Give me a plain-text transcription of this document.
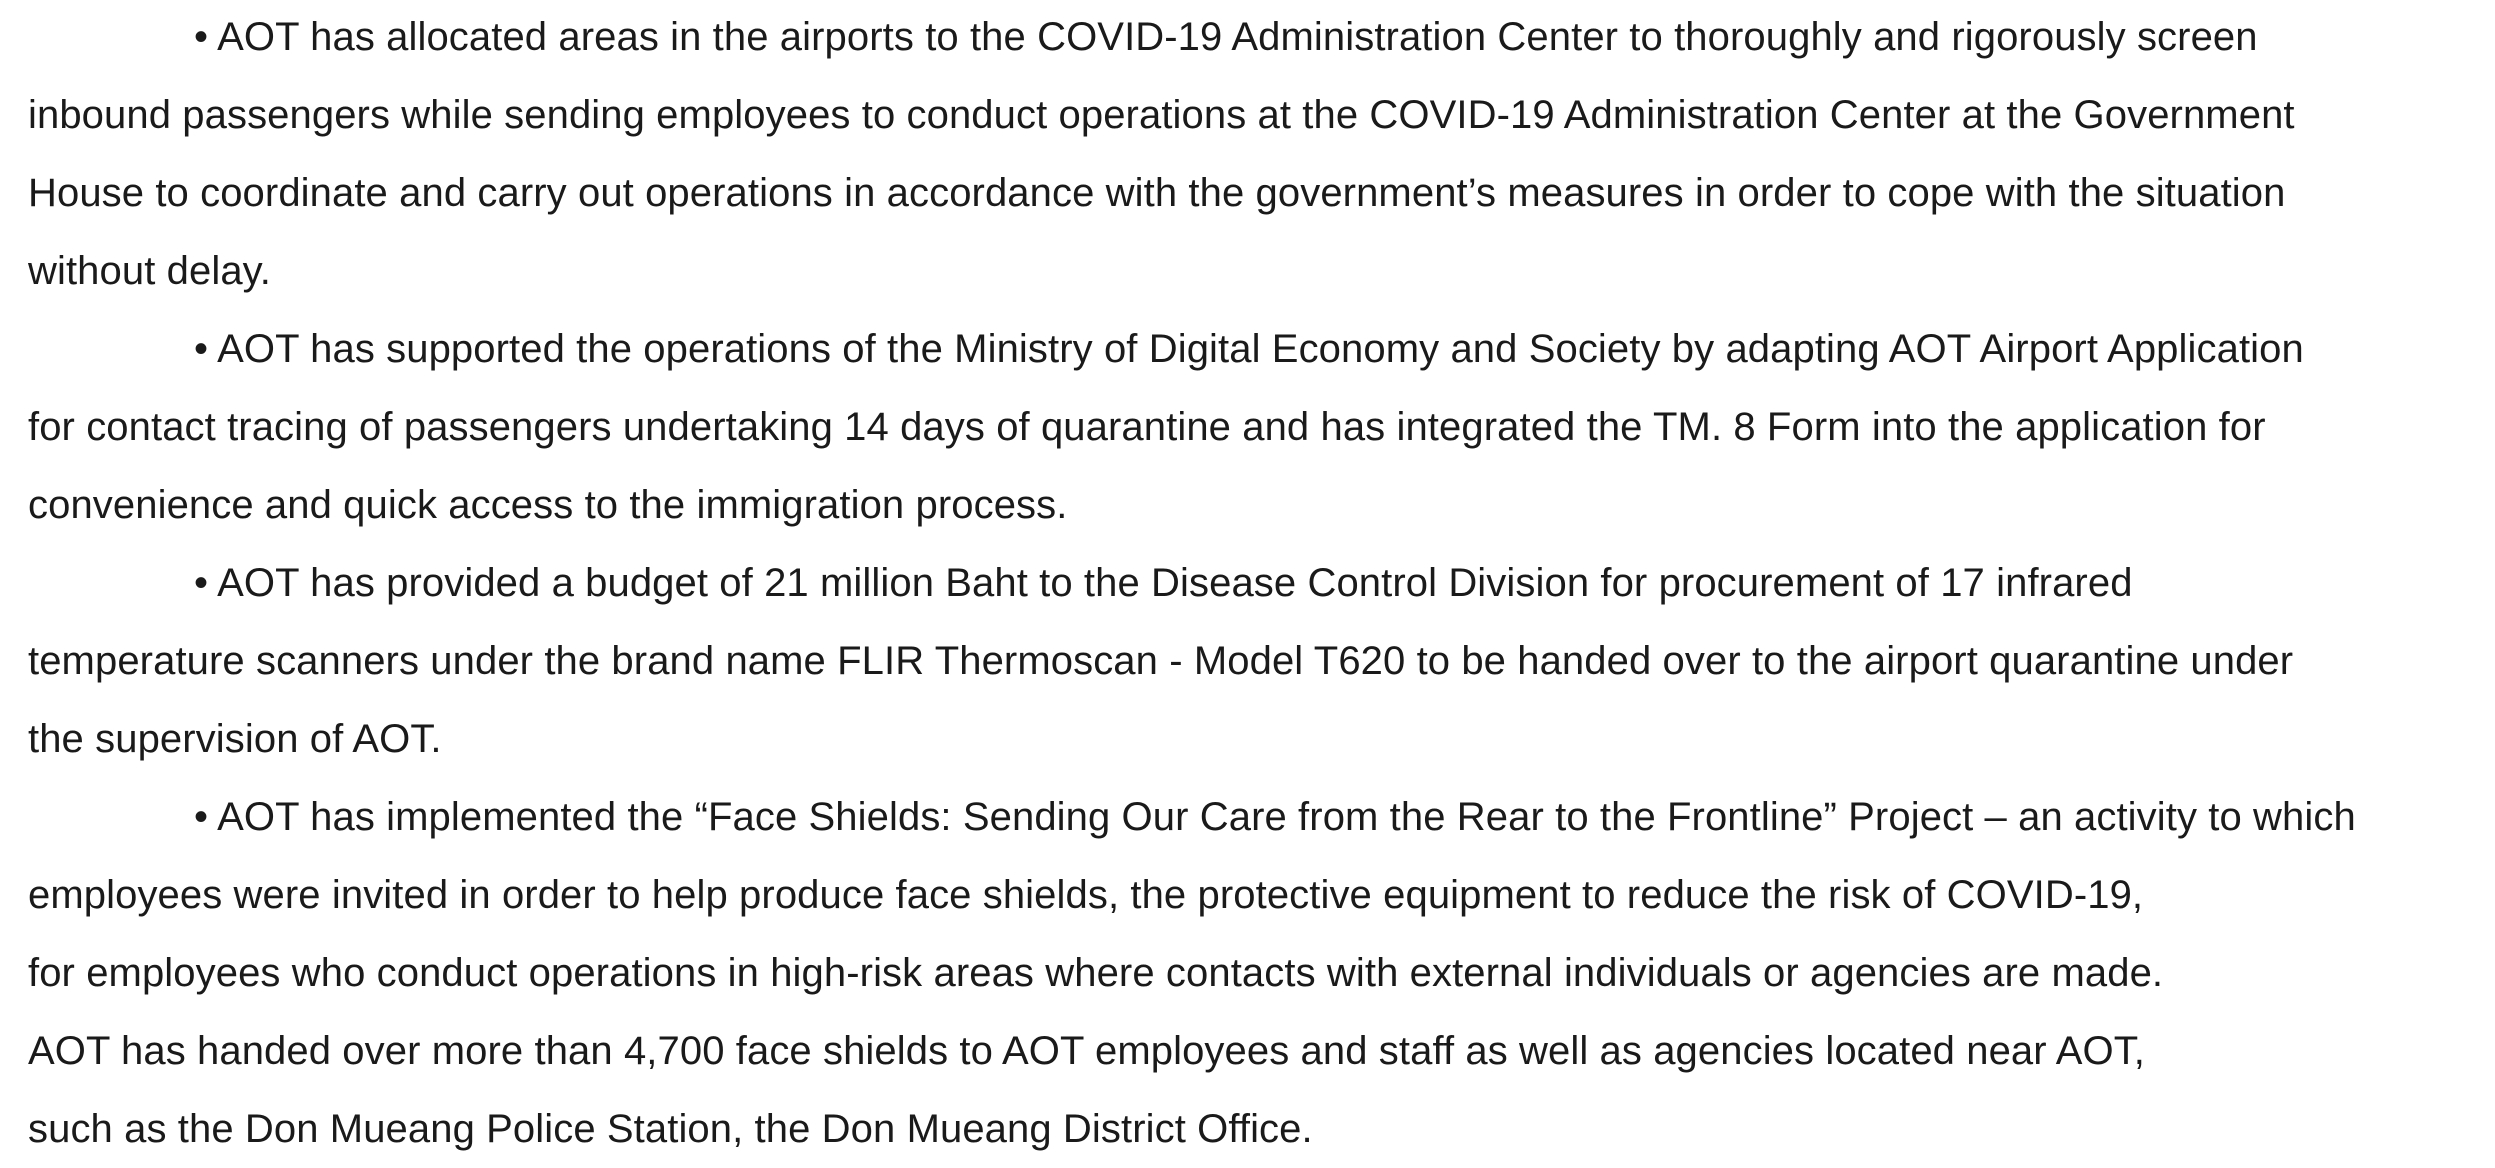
• AOT has allocated areas in the airports to the COVID-19 Administration Center to thoroughly and rigorously screen
inbound passengers while sending employees to conduct operations at the COVID-19 Administration Center at the Government
House to coordinate and carry out operations in accordance with the government’s measures in order to cope with the situation
without delay.
• AOT has supported the operations of the Ministry of Digital Economy and Society by adapting AOT Airport Application
for contact tracing of passengers undertaking 14 days of quarantine and has integrated the TM. 8 Form into the application for
convenience and quick access to the immigration process.
• AOT has provided a budget of 21 million Baht to the Disease Control Division for procurement of 17 infrared
temperature scanners under the brand name FLIR Thermoscan - Model T620 to be handed over to the airport quarantine under
the supervision of AOT.
• AOT has implemented the “Face Shields: Sending Our Care from the Rear to the Frontline” Project – an activity to which
employees were invited in order to help produce face shields, the protective equipment to reduce the risk of COVID-19,
for employees who conduct operations in high-risk areas where contacts with external individuals or agencies are made.
AOT has handed over more than 4,700 face shields to AOT employees and staff as well as agencies located near AOT,
such as the Don Mueang Police Station, the Don Mueang District Office.
